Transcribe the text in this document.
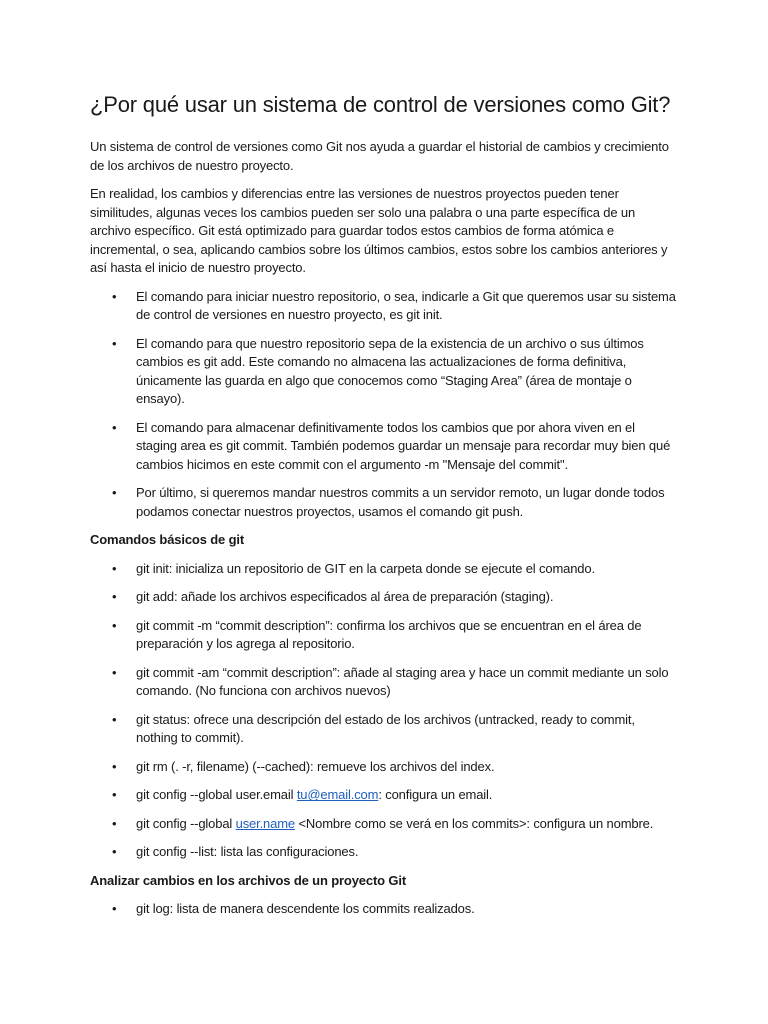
¿Por qué usar un sistema de control de versiones como Git?

Un sistema de control de versiones como Git nos ayuda a guardar el historial de cambios y crecimiento de los archivos de nuestro proyecto.

En realidad, los cambios y diferencias entre las versiones de nuestros proyectos pueden tener similitudes, algunas veces los cambios pueden ser solo una palabra o una parte específica de un archivo específico. Git está optimizado para guardar todos estos cambios de forma atómica e incremental, o sea, aplicando cambios sobre los últimos cambios, estos sobre los cambios anteriores y así hasta el inicio de nuestro proyecto.

• El comando para iniciar nuestro repositorio, o sea, indicarle a Git que queremos usar su sistema de control de versiones en nuestro proyecto, es git init.
• El comando para que nuestro repositorio sepa de la existencia de un archivo o sus últimos cambios es git add. Este comando no almacena las actualizaciones de forma definitiva, únicamente las guarda en algo que conocemos como “Staging Area” (área de montaje o ensayo).
• El comando para almacenar definitivamente todos los cambios que por ahora viven en el staging area es git commit. También podemos guardar un mensaje para recordar muy bien qué cambios hicimos en este commit con el argumento -m "Mensaje del commit".
• Por último, si queremos mandar nuestros commits a un servidor remoto, un lugar donde todos podamos conectar nuestros proyectos, usamos el comando git push.

Comandos básicos de git

• git init: inicializa un repositorio de GIT en la carpeta donde se ejecute el comando.
• git add: añade los archivos especificados al área de preparación (staging).
• git commit -m “commit description”: confirma los archivos que se encuentran en el área de preparación y los agrega al repositorio.
• git commit -am “commit description”: añade al staging area y hace un commit mediante un solo comando. (No funciona con archivos nuevos)
• git status: ofrece una descripción del estado de los archivos (untracked, ready to commit, nothing to commit).
• git rm (. -r, filename) (--cached): remueve los archivos del index.
• git config --global user.email tu@email.com: configura un email.
• git config --global user.name <Nombre como se verá en los commits>: configura un nombre.
• git config --list: lista las configuraciones.

Analizar cambios en los archivos de un proyecto Git

• git log: lista de manera descendente los commits realizados.
